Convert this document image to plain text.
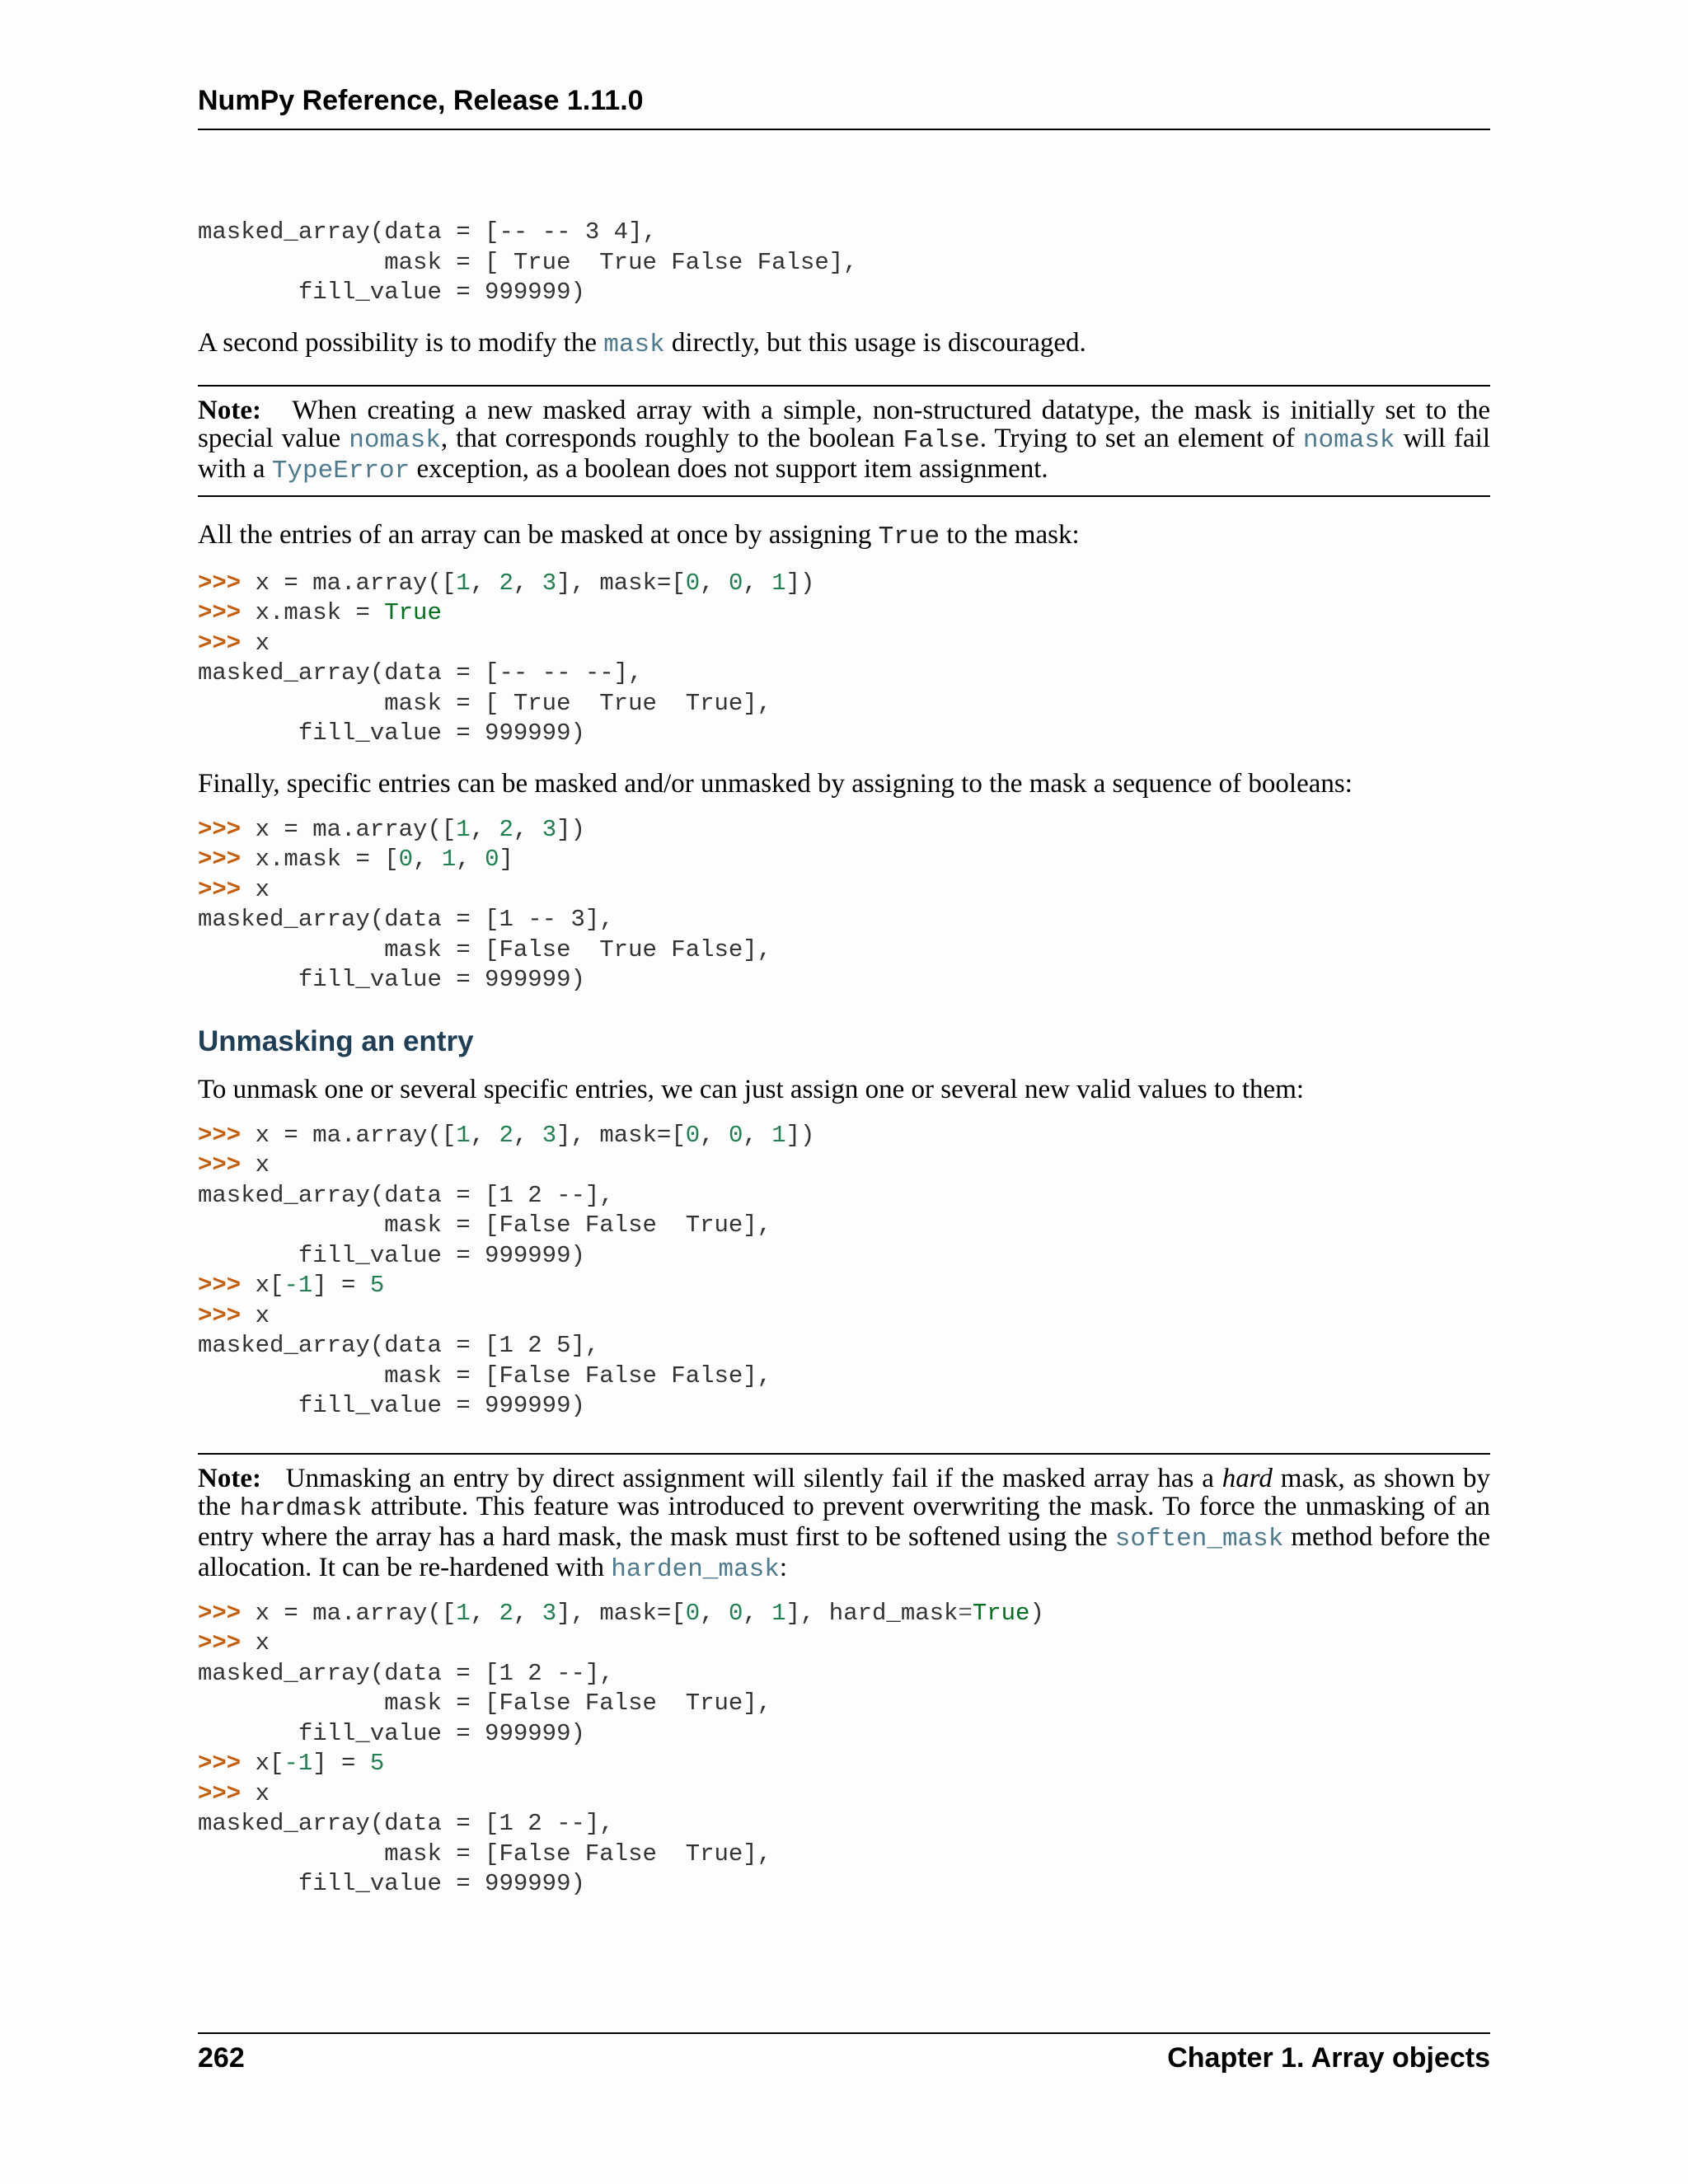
NumPy Reference, Release 1.11.0
masked_array(data = [-- -- 3 4],
mask = [ True  True False False],
fill_value = 999999)

A second possibility is to modify the mask directly, but this usage is discouraged.

Note: When creating a new masked array with a simple, non-structured datatype, the mask is initially set to the special value nomask, that corresponds roughly to the boolean False. Trying to set an element of nomask will fail with a TypeError exception, as a boolean does not support item assignment.

All the entries of an array can be masked at once by assigning True to the mask:

>>> x = ma.array([1, 2, 3], mask=[0, 0, 1])
>>> x.mask = True
>>> x
masked_array(data = [-- -- --],
mask = [ True  True  True],
fill_value = 999999)

Finally, specific entries can be masked and/or unmasked by assigning to the mask a sequence of booleans:

>>> x = ma.array([1, 2, 3])
>>> x.mask = [0, 1, 0]
>>> x
masked_array(data = [1 -- 3],
mask = [False  True False],
fill_value = 999999)
Unmasking an entry

To unmask one or several specific entries, we can just assign one or several new valid values to them:

>>> x = ma.array([1, 2, 3], mask=[0, 0, 1])
>>> x
masked_array(data = [1 2 --],
mask = [False False  True],
fill_value = 999999)
>>> x[-1] = 5
>>> x
masked_array(data = [1 2 5],
mask = [False False False],
fill_value = 999999)

Note: Unmasking an entry by direct assignment will silently fail if the masked array has a hard mask, as shown by the hardmask attribute. This feature was introduced to prevent overwriting the mask. To force the unmasking of an entry where the array has a hard mask, the mask must first to be softened using the soften_mask method before the allocation. It can be re-hardened with harden_mask:

>>> x = ma.array([1, 2, 3], mask=[0, 0, 1], hard_mask=True)
>>> x
masked_array(data = [1 2 --],
mask = [False False  True],
fill_value = 999999)
>>> x[-1] = 5
>>> x
masked_array(data = [1 2 --],
mask = [False False  True],
fill_value = 999999)
262	Chapter 1. Array objects
